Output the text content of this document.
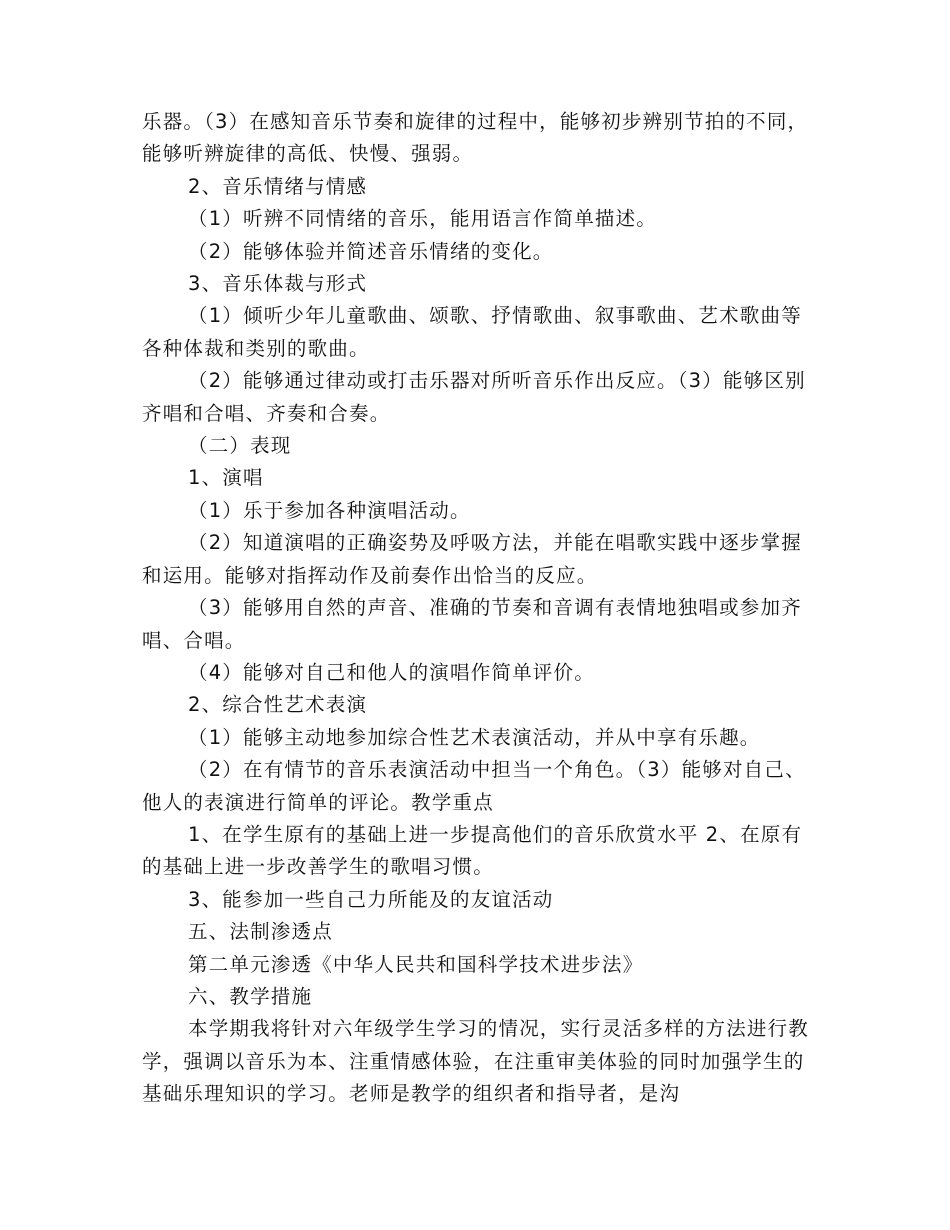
乐器。（3）在感知音乐节奏和旋律的过程中，能够初步辨别节拍的不同，能够听辨旋律的高低、快慢、强弱。

2、音乐情绪与情感

（1）听辨不同情绪的音乐，能用语言作简单描述。

（2）能够体验并简述音乐情绪的变化。

3、音乐体裁与形式

（1）倾听少年儿童歌曲、颂歌、抒情歌曲、叙事歌曲、艺术歌曲等各种体裁和类别的歌曲。

（2）能够通过律动或打击乐器对所听音乐作出反应。（3）能够区别齐唱和合唱、齐奏和合奏。

（二）表现

1、演唱

（1）乐于参加各种演唱活动。

（2）知道演唱的正确姿势及呼吸方法，并能在唱歌实践中逐步掌握和运用。能够对指挥动作及前奏作出恰当的反应。

（3）能够用自然的声音、准确的节奏和音调有表情地独唱或参加齐唱、合唱。

（4）能够对自己和他人的演唱作简单评价。

2、综合性艺术表演

（1）能够主动地参加综合性艺术表演活动，并从中享有乐趣。

（2）在有情节的音乐表演活动中担当一个角色。（3）能够对自己、他人的表演进行简单的评论。教学重点

1、在学生原有的基础上进一步提高他们的音乐欣赏水平 2、在原有的基础上进一步改善学生的歌唱习惯。

3、能参加一些自己力所能及的友谊活动

五、法制渗透点

第二单元渗透《中华人民共和国科学技术进步法》

六、教学措施

本学期我将针对六年级学生学习的情况，实行灵活多样的方法进行教学，强调以音乐为本、注重情感体验，在注重审美体验的同时加强学生的基础乐理知识的学习。老师是教学的组织者和指导者，是沟
